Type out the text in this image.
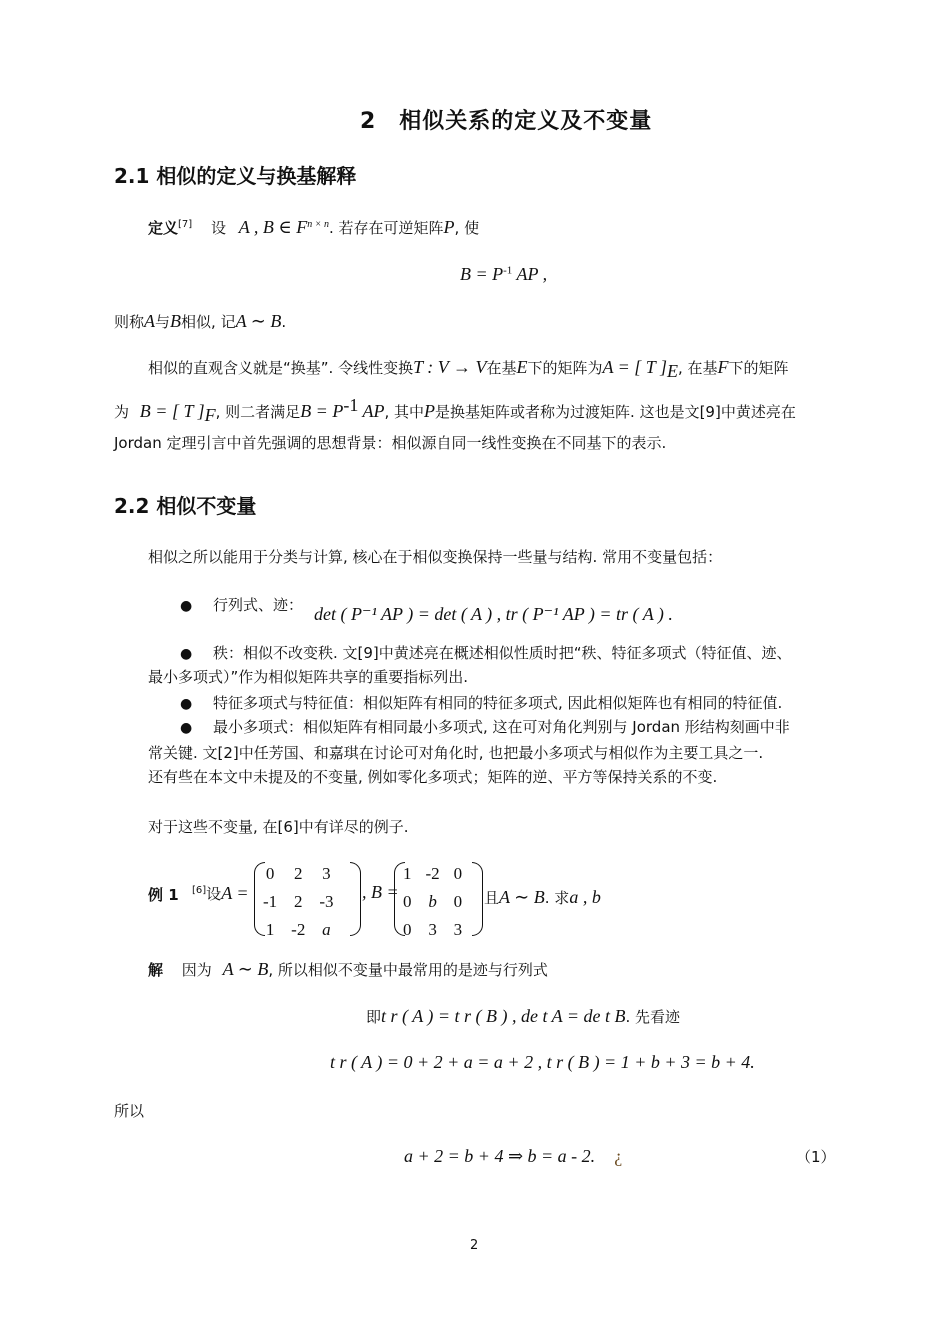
2　相似关系的定义及不变量
2.1 相似的定义与换基解释
定义[7] 设 A , B ∈ $F^{n \times n}$. 若存在可逆矩阵P, 使
$B = P^{-1}$ AP ,
则称A与B相似, 记A ∼ B.
相似的直观含义就是“换基”. 令线性变换T : V → V在基E下的矩阵为A = [ T ]$_E$, 在基F下的矩阵
为 B = [ T ]$_F$, 则二者满足$B = P^{-1}$ AP, 其中P是换基矩阵或者称为过渡矩阵. 这也是文[9]中黄述亮在
Jordan 定理引言中首先强调的思想背景：相似源自同一线性变换在不同基下的表示.
2.2 相似不变量
相似之所以能用于分类与计算, 核心在于相似变换保持一些量与结构. 常用不变量包括：
● 行列式、迹： det ( P⁻¹ AP ) = det ( A ) , tr ( P⁻¹ AP ) = tr ( A ) .
● 秩：相似不改变秩. 文[9]中黄述亮在概述相似性质时把“秩、特征多项式（特征值、迹、
最小多项式）”作为相似矩阵共享的重要指标列出.
● 特征多项式与特征值：相似矩阵有相同的特征多项式, 因此相似矩阵也有相同的特征值.
● 最小多项式：相似矩阵有相同最小多项式, 这在可对角化判别与 Jordan 形结构刻画中非
常关键. 文[2]中任芳国、和嘉琪在讨论可对角化时, 也把最小多项式与相似作为主要工具之一.
还有些在本文中未提及的不变量, 例如零化多项式；矩阵的逆、平方等保持关系的不变.
对于这些不变量, 在[6]中有详尽的例子.
例 1 [6]设A =
0	2	3
-1	2	-3
1	-2	a
, B =
1	-2	0
0	b	0
0	3	3
且A ∼ B. 求a , b
解 因为 A ∼ B, 所以相似不变量中最常用的是迹与行列式
即t r ( A ) = t r ( B ) , de t A = de t B. 先看迹
t r ( A ) = 0 + 2 + a = a + 2 , t r ( B ) = 1 + b + 3 = b + 4.
所以
a + 2 = b + 4 ⇒ b = a - 2. ¿	（1）
2
